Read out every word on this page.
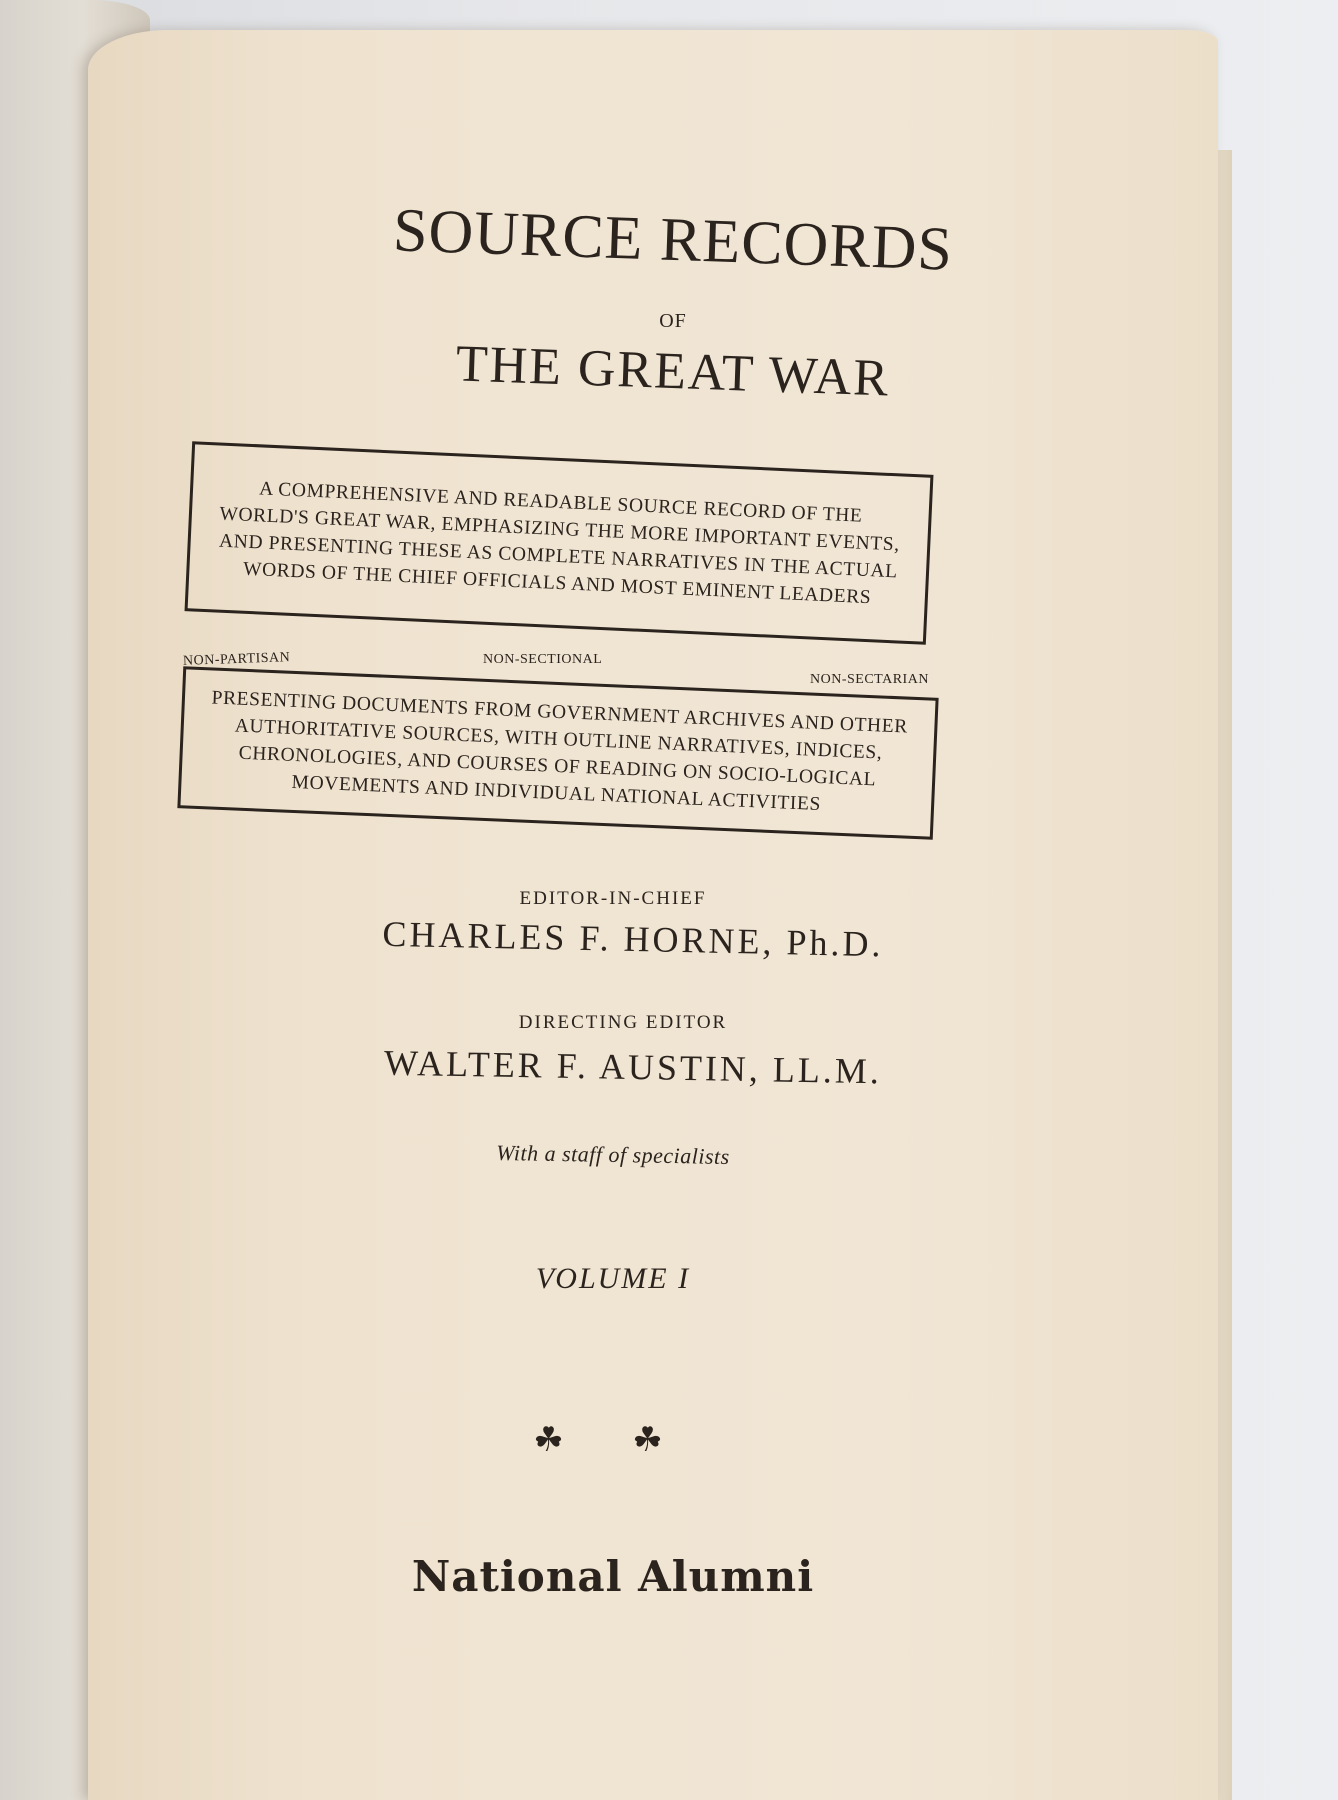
SOURCE RECORDS
OF
THE GREAT WAR
A COMPREHENSIVE AND READABLE SOURCE RECORD OF THE WORLD'S GREAT WAR, EMPHASIZING THE MORE IMPORTANT EVENTS, AND PRESENTING THESE AS COMPLETE NARRATIVES IN THE ACTUAL WORDS OF THE CHIEF OFFICIALS AND MOST EMINENT LEADERS
NON-PARTISAN	NON-SECTIONAL
NON-SECTARIAN
PRESENTING DOCUMENTS FROM GOVERNMENT ARCHIVES AND OTHER AUTHORITATIVE SOURCES, WITH OUTLINE NARRATIVES, INDICES, CHRONOLOGIES, AND COURSES OF READING ON SOCIO-LOGICAL MOVEMENTS AND INDIVIDUAL NATIONAL ACTIVITIES
EDITOR-IN-CHIEF
CHARLES F. HORNE, Ph.D.
DIRECTING EDITOR
WALTER F. AUSTIN, LL.M.
With a staff of specialists
VOLUME I
☘ ☘
National Alumni
